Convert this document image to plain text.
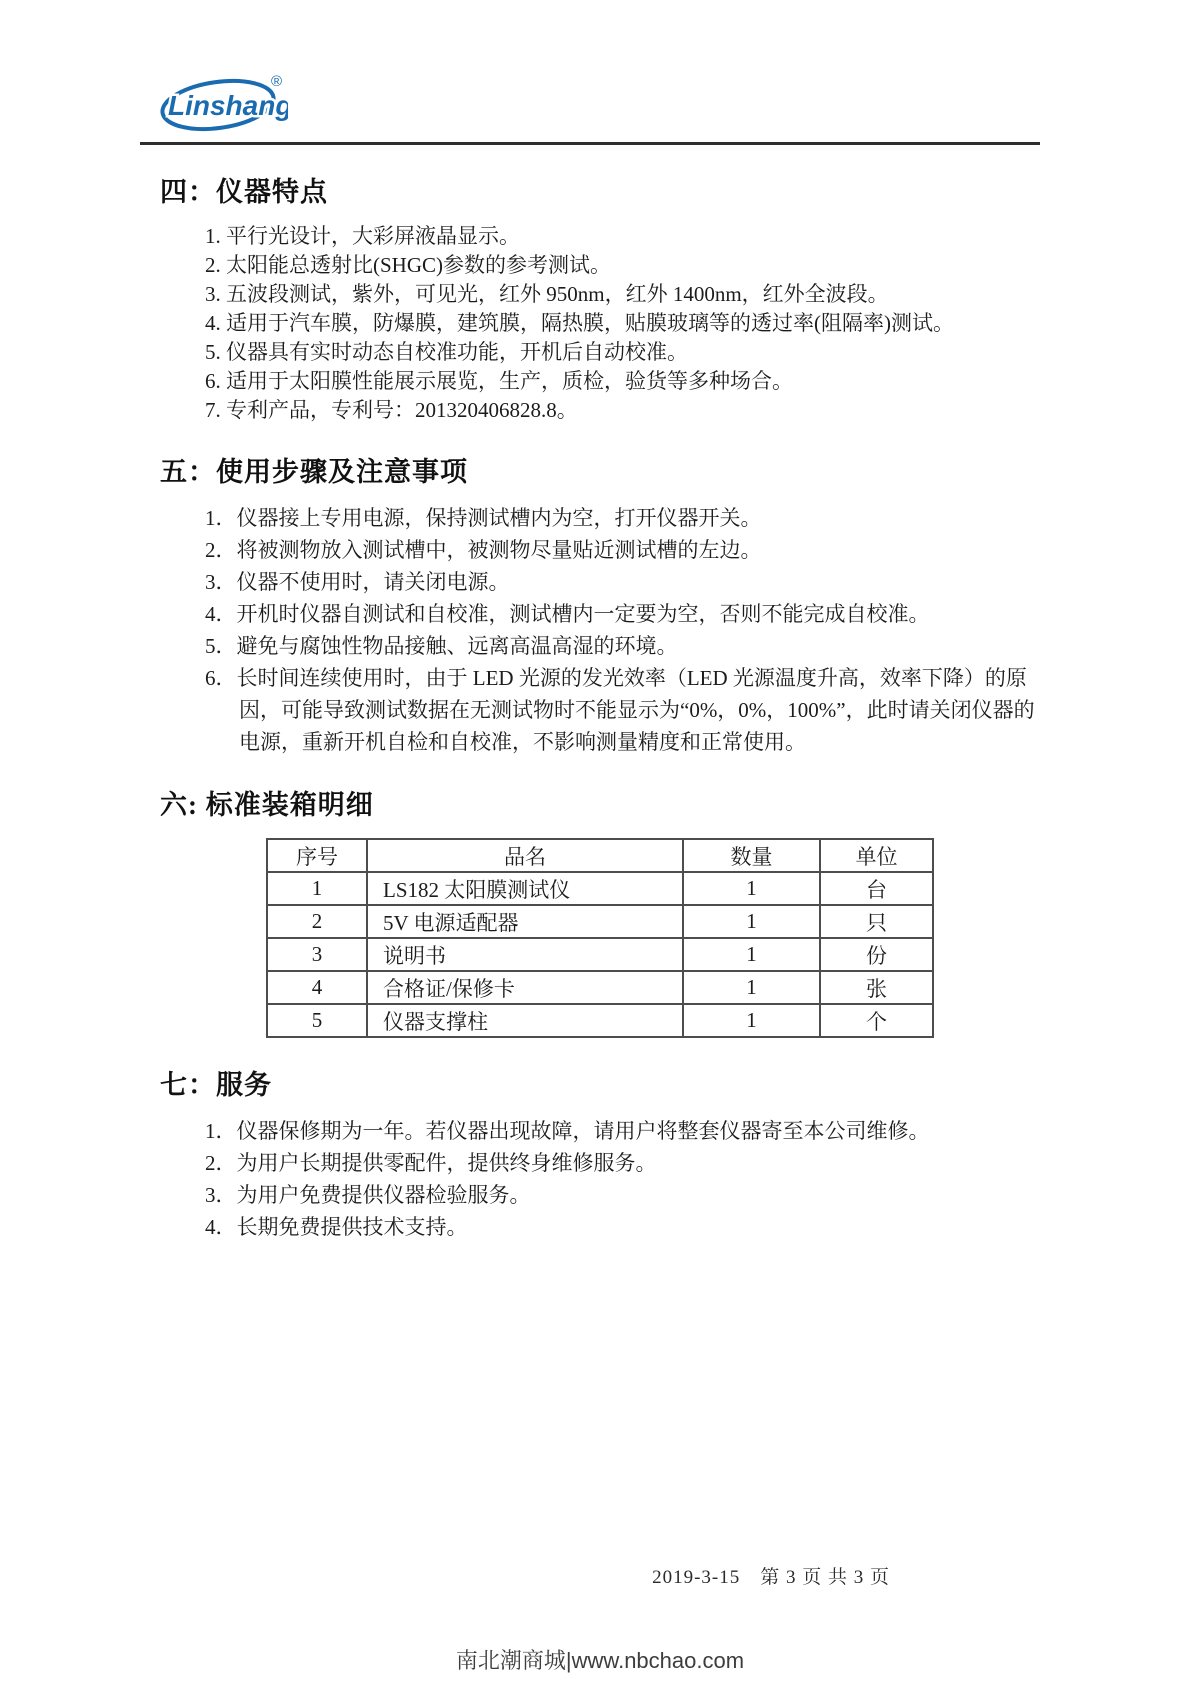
Linshang
®
四：仪器特点
1. 平行光设计，大彩屏液晶显示。
2. 太阳能总透射比(SHGC)参数的参考测试。
3. 五波段测试，紫外，可见光，红外 950nm，红外 1400nm，红外全波段。
4. 适用于汽车膜，防爆膜，建筑膜，隔热膜，贴膜玻璃等的透过率(阻隔率)测试。
5. 仪器具有实时动态自校准功能，开机后自动校准。
6. 适用于太阳膜性能展示展览，生产，质检，验货等多种场合。
7. 专利产品，专利号：201320406828.8。
五：使用步骤及注意事项
1．仪器接上专用电源，保持测试槽内为空，打开仪器开关。
2．将被测物放入测试槽中，被测物尽量贴近测试槽的左边。
3．仪器不使用时，请关闭电源。
4．开机时仪器自测试和自校准，测试槽内一定要为空，否则不能完成自校准。
5．避免与腐蚀性物品接触、远离高温高湿的环境。
6．长时间连续使用时，由于 LED 光源的发光效率（LED 光源温度升高，效率下降）的原因，可能导致测试数据在无测试物时不能显示为“0%，0%，100%”，此时请关闭仪器的电源，重新开机自检和自校准，不影响测量精度和正常使用。
六: 标准装箱明细
序号	品名	数量	单位
1	LS182 太阳膜测试仪	1	台
2	5V 电源适配器	1	只
3	说明书	1	份
4	合格证/保修卡	1	张
5	仪器支撑柱	1	个
七：服务
1．仪器保修期为一年。若仪器出现故障，请用户将整套仪器寄至本公司维修。
2．为用户长期提供零配件，提供终身维修服务。
3．为用户免费提供仪器检验服务。
4．长期免费提供技术支持。
2019-3-15 第 3 页 共 3 页
南北潮商城|www.nbchao.com
